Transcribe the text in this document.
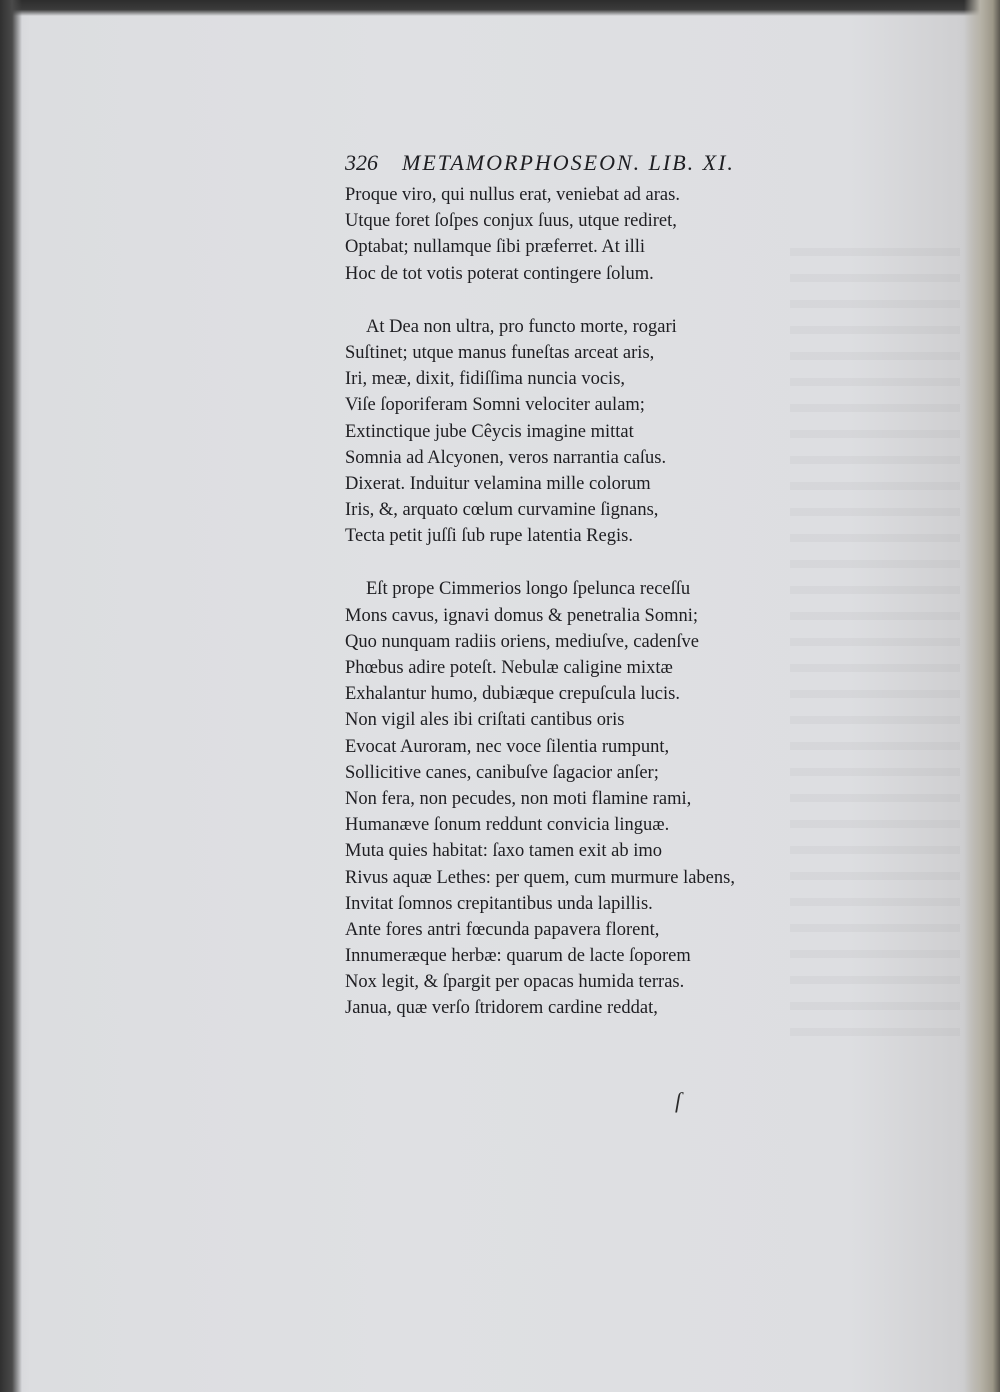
326 METAMORPHOSEON. LIB. XI.
Proque viro, qui nullus erat, veniebat ad aras.
Utque foret ſoſpes conjux ſuus, utque rediret,
Optabat; nullamque ſibi præferret. At illi
Hoc de tot votis poterat contingere ſolum.
At Dea non ultra, pro functo morte, rogari
Suſtinet; utque manus funeſtas arceat aris,
Iri, meæ, dixit, fidiſſima nuncia vocis,
Viſe ſoporiferam Somni velociter aulam;
Extinctique jube Cêycis imagine mittat
Somnia ad Alcyonen, veros narrantia caſus.
Dixerat. Induitur velamina mille colorum
Iris, &, arquato cœlum curvamine ſignans,
Tecta petit juſſi ſub rupe latentia Regis.
Eſt prope Cimmerios longo ſpelunca receſſu
Mons cavus, ignavi domus & penetralia Somni;
Quo nunquam radiis oriens, mediuſve, cadenſve
Phœbus adire poteſt. Nebulæ caligine mixtæ
Exhalantur humo, dubiæque crepuſcula lucis.
Non vigil ales ibi criſtati cantibus oris
Evocat Auroram, nec voce ſilentia rumpunt,
Sollicitive canes, canibuſve ſagacior anſer;
Non fera, non pecudes, non moti flamine rami,
Humanæve ſonum reddunt convicia linguæ.
Muta quies habitat: ſaxo tamen exit ab imo
Rivus aquæ Lethes: per quem, cum murmure labens,
Invitat ſomnos crepitantibus unda lapillis.
Ante fores antri fœcunda papavera florent,
Innumeræque herbæ: quarum de lacte ſoporem
Nox legit, & ſpargit per opacas humida terras.
Janua, quæ verſo ſtridorem cardine reddat,
ſ
